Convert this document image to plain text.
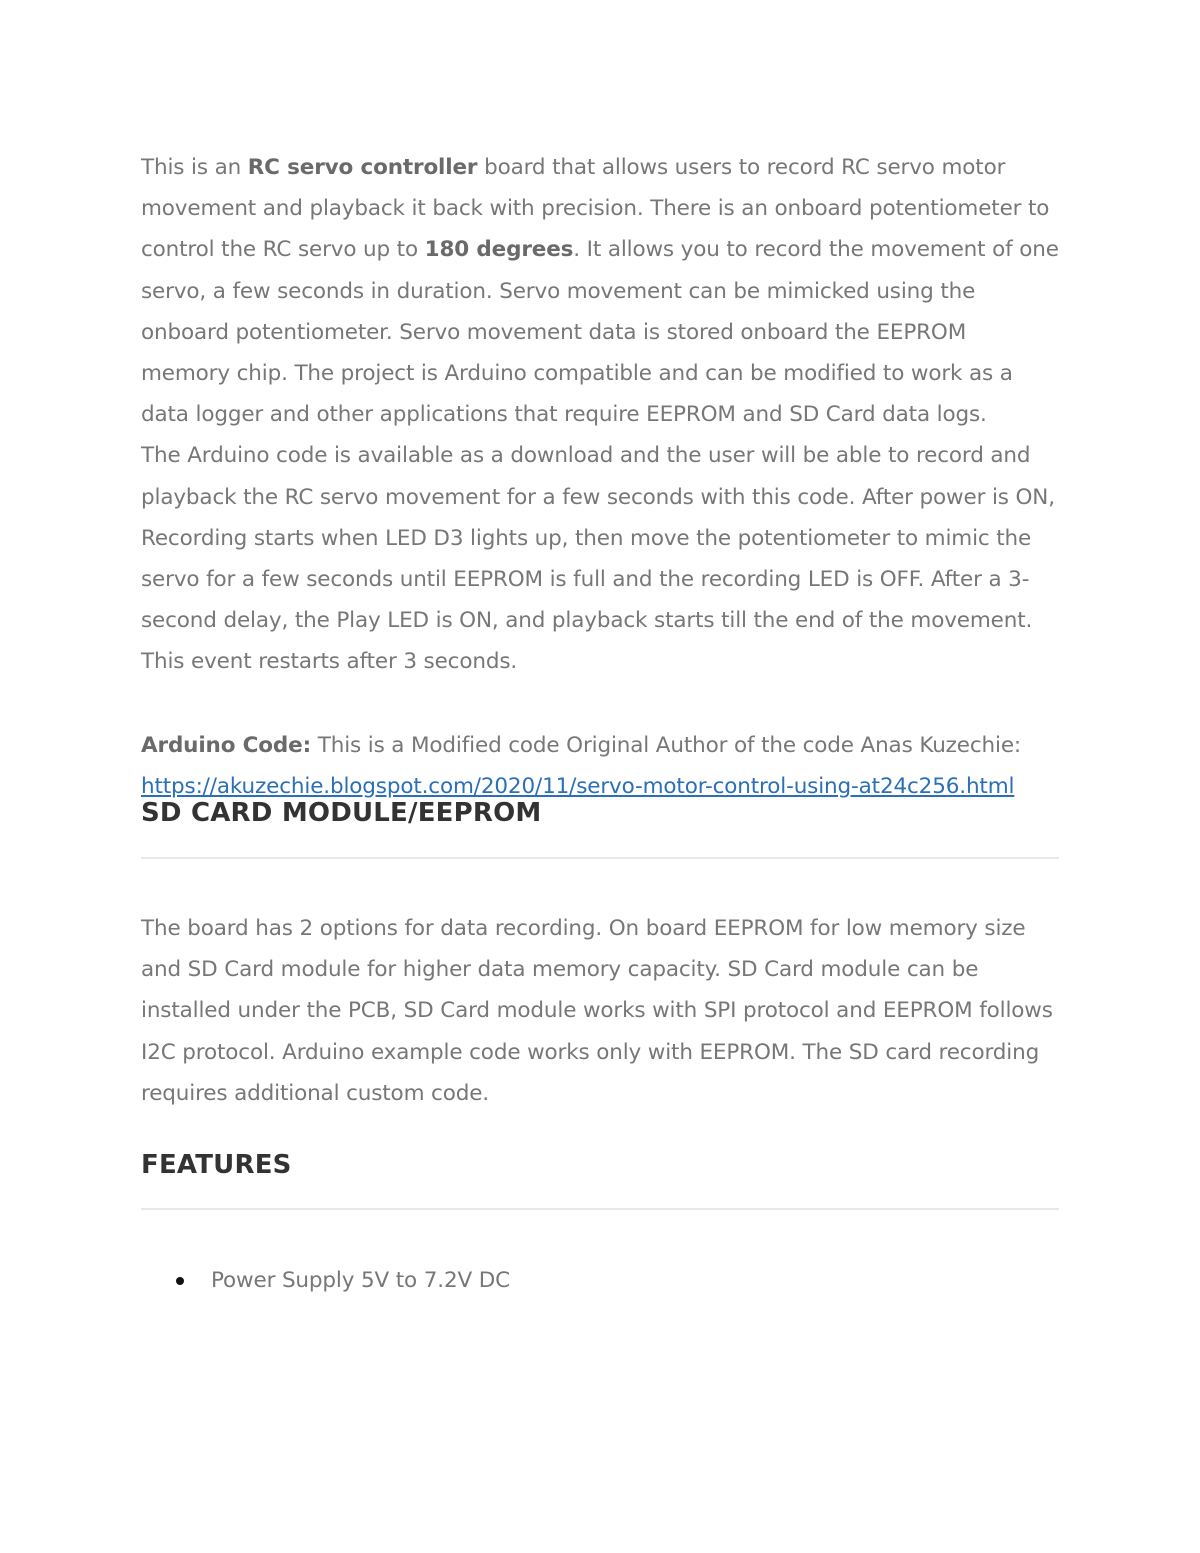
This is an RC servo controller board that allows users to record RC servo motor movement and playback it back with precision. There is an onboard potentiometer to control the RC servo up to 180 degrees. It allows you to record the movement of one servo, a few seconds in duration. Servo movement can be mimicked using the onboard potentiometer. Servo movement data is stored onboard the EEPROM memory chip. The project is Arduino compatible and can be modified to work as a data logger and other applications that require EEPROM and SD Card data logs.

The Arduino code is available as a download and the user will be able to record and playback the RC servo movement for a few seconds with this code. After power is ON, Recording starts when LED D3 lights up, then move the potentiometer to mimic the servo for a few seconds until EEPROM is full and the recording LED is OFF. After a 3-second delay, the Play LED is ON, and playback starts till the end of the movement. This event restarts after 3 seconds.

Arduino Code: This is a Modified code Original Author of the code Anas Kuzechie: https://akuzechie.blogspot.com/2020/11/servo-motor-control-using-at24c256.html

SD CARD MODULE/EEPROM

The board has 2 options for data recording. On board EEPROM for low memory size and SD Card module for higher data memory capacity. SD Card module can be installed under the PCB, SD Card module works with SPI protocol and EEPROM follows I2C protocol. Arduino example code works only with EEPROM. The SD card recording requires additional custom code.

FEATURES
Power Supply 5V to 7.2V DC
